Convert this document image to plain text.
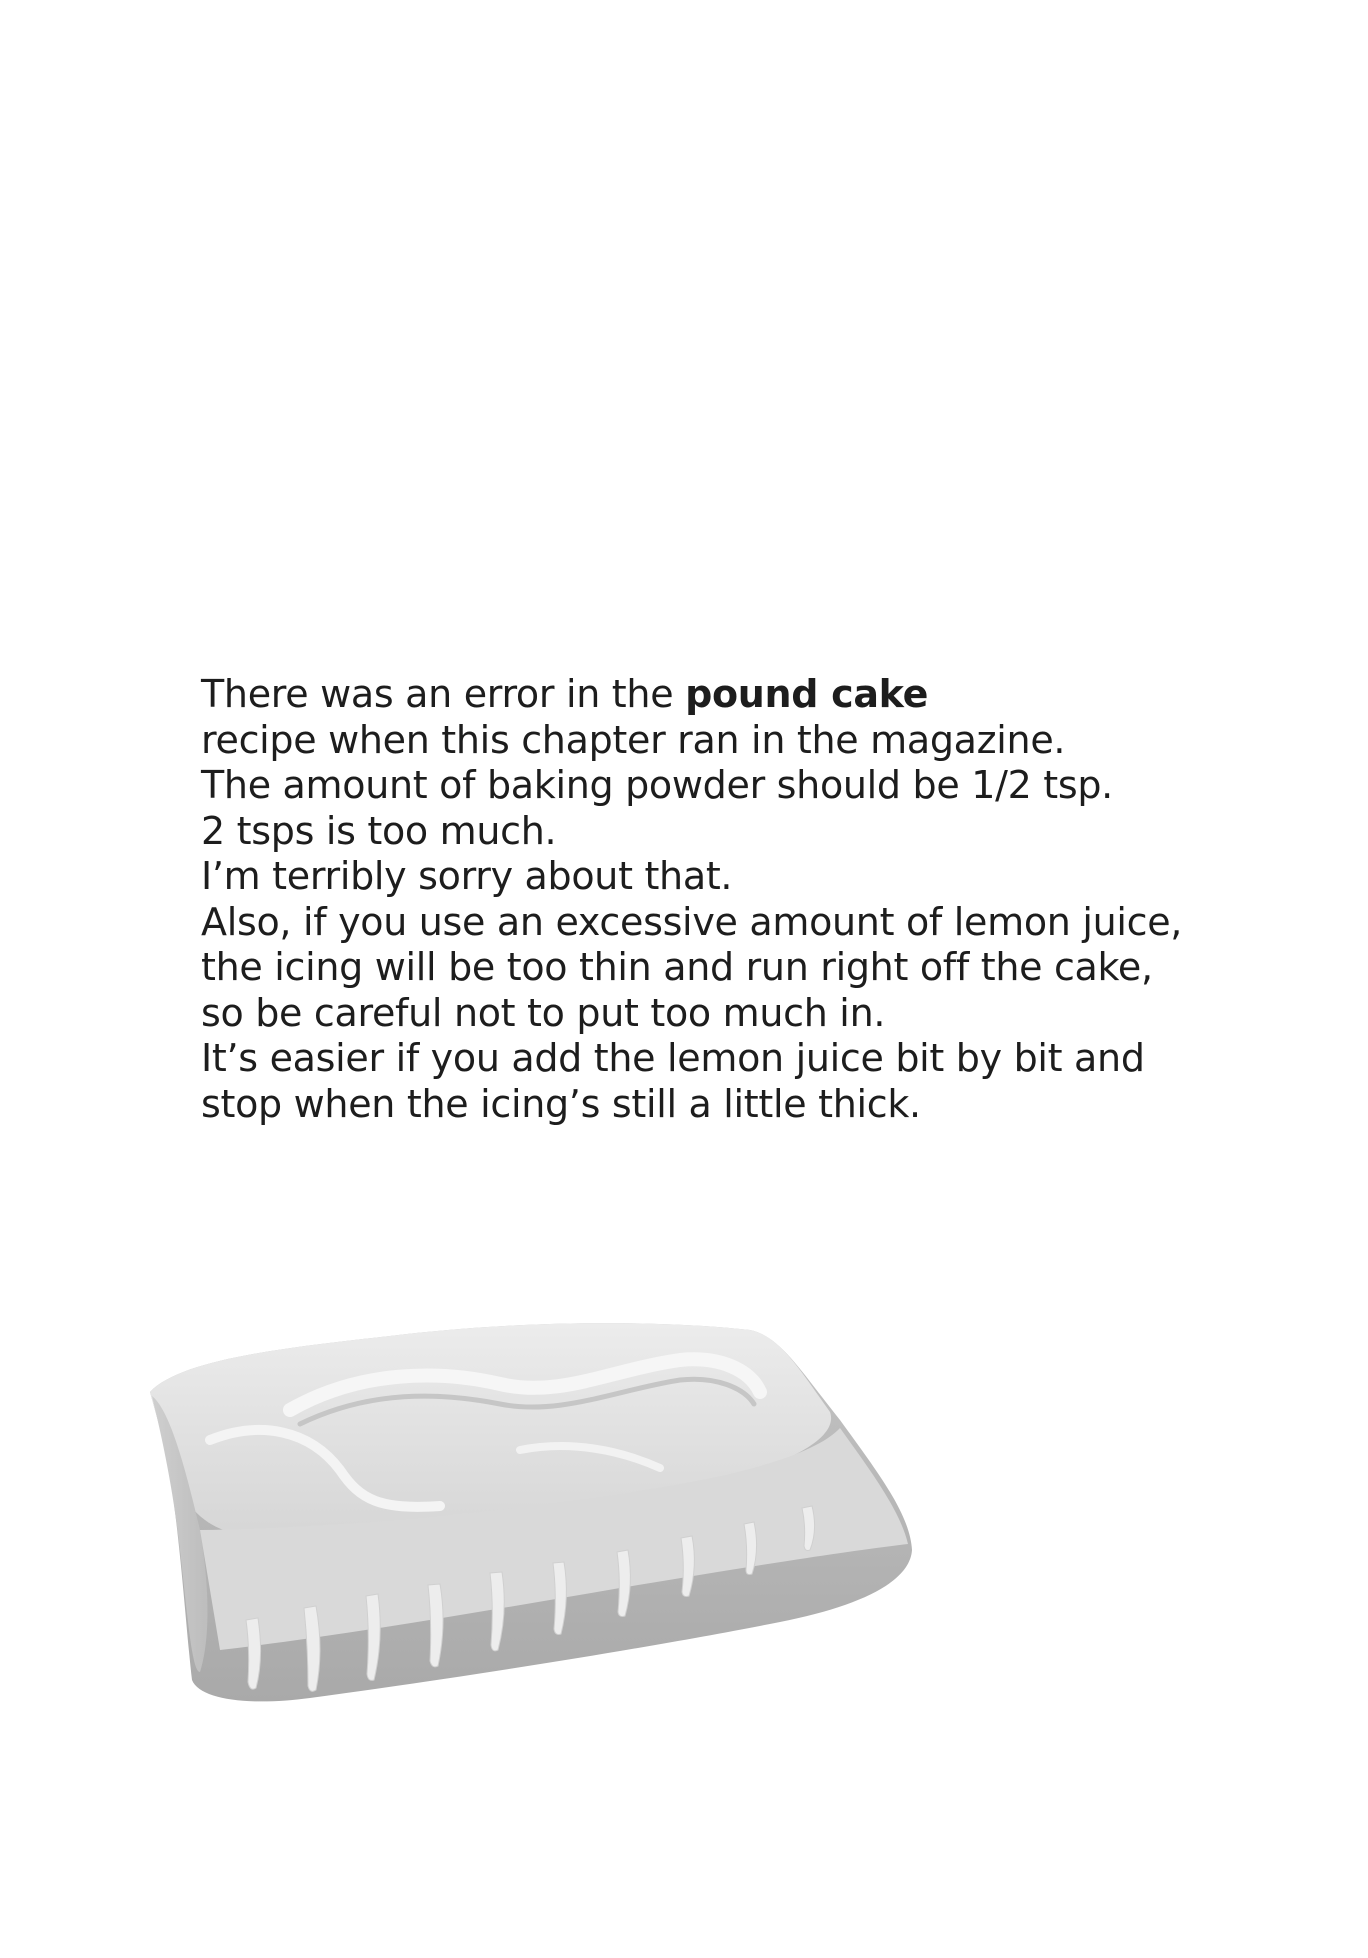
There was an error in the pound cake
recipe when this chapter ran in the magazine.
The amount of baking powder should be 1/2 tsp.
2 tsps is too much.
I’m terribly sorry about that.
Also, if you use an excessive amount of lemon juice,
the icing will be too thin and run right off the cake,
so be careful not to put too much in.
It’s easier if you add the lemon juice bit by bit and
stop when the icing’s still a little thick.
